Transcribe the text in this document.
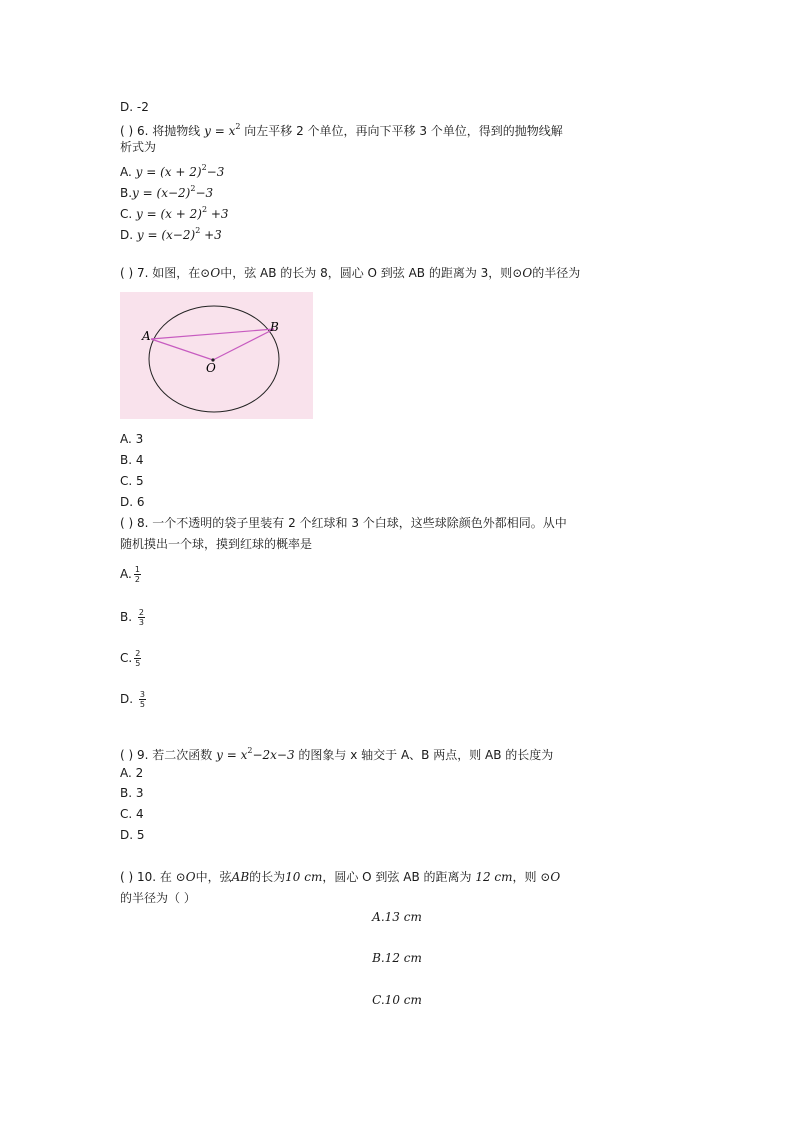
D. -2
( ) 6. 将抛物线 $y = x^2$ 向左平移 2 个单位，再向下平移 3 个单位，得到的抛物线解
析式为
A. $y = (x + 2)^2-3$
$B.y = (x-2)^2-3$
C. $y = (x + 2)^2 +3$
D. $y = (x-2)^2 +3$
( ) 7. 如图，在⊙O中，弦 AB 的长为 8，圆心 O 到弦 AB 的距离为 3，则⊙O的半径为
A
B
O
A. 3
B. 4
C. 5
D. 6
( ) 8. 一个不透明的袋子里装有 2 个红球和 3 个白球，这些球除颜色外都相同。从中
随机摸出一个球，摸到红球的概率是
A. $\frac{1}{2}$
B. $\frac{2}{3}$
C. $\frac{2}{5}$
D. $\frac{3}{5}$
( ) 9. 若二次函数 $y = x^2-2x-3$ 的图象与 x 轴交于 A、B 两点，则 AB 的长度为
A. 2
B. 3
C. 4
D. 5
( ) 10. 在 ⊙O中，弦AB的长为10 cm，圆心 O 到弦 AB 的距离为 12 cm，则 ⊙O
的半径为（ ）
A.13 cm
B.12 cm
C.10 cm
